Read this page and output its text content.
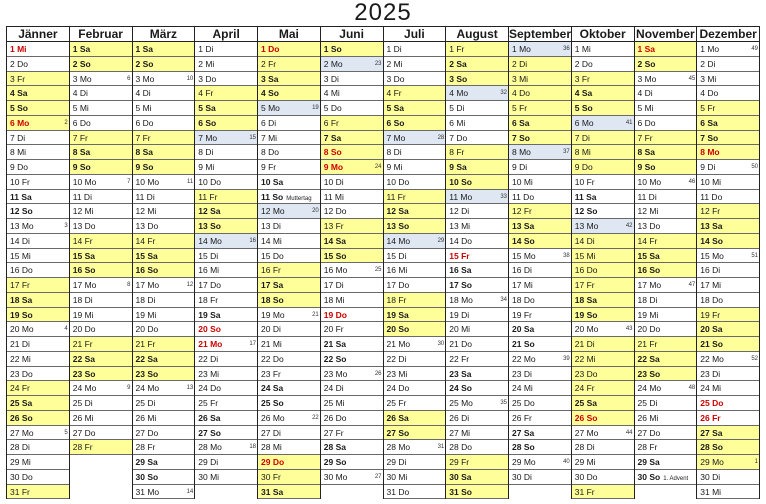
2025
Jänner
1 Mi
2 Do
3 Fr
4 Sa
5 So
6 Mo	2
7 Di
8 Mi
9 Do
10 Fr
11 Sa
12 So
13 Mo	3
14 Di
15 Mi
16 Do
17 Fr
18 Sa
19 So
20 Mo	4
21 Di
22 Mi
23 Do
24 Fr
25 Sa
26 So
27 Mo	5
28 Di
29 Mi
30 Do
31 Fr
Februar
1 Sa
2 So
3 Mo	6
4 Di
5 Mi
6 Do
7 Fr
8 Sa
9 So
10 Mo	7
11 Di
12 Mi
13 Do
14 Fr
15 Sa
16 So
17 Mo	8
18 Di
19 Mi
20 Do
21 Fr
22 Sa
23 So
24 Mo	9
25 Di
26 Mi
27 Do
28 Fr
März
1 Sa
2 So
3 Mo	10
4 Di
5 Mi
6 Do
7 Fr
8 Sa
9 So
10 Mo	11
11 Di
12 Mi
13 Do
14 Fr
15 Sa
16 So
17 Mo	12
18 Di
19 Mi
20 Do
21 Fr
22 Sa
23 So
24 Mo	13
25 Di
26 Mi
27 Do
28 Fr
29 Sa
30 So
31 Mo	14
April
1 Di
2 Mi
3 Do
4 Fr
5 Sa
6 So
7 Mo	15
8 Di
9 Mi
10 Do
11 Fr
12 Sa
13 So
14 Mo	16
15 Di
16 Mi
17 Do
18 Fr
19 Sa
20 So
21 Mo	17
22 Di
23 Mi
24 Do
25 Fr
26 Sa
27 So
28 Mo	18
29 Di
30 Mi
Mai
1 Do
2 Fr
3 Sa
4 So
5 Mo	19
6 Di
7 Mi
8 Do
9 Fr
10 Sa
11 So Muttertag
12 Mo	20
13 Di
14 Mi
15 Do
16 Fr
17 Sa
18 So
19 Mo	21
20 Di
21 Mi
22 Do
23 Fr
24 Sa
25 So
26 Mo	22
27 Di
28 Mi
29 Do
30 Fr
31 Sa
Juni
1 So
2 Mo	23
3 Di
4 Mi
5 Do
6 Fr
7 Sa
8 So
9 Mo	24
10 Di
11 Mi
12 Do
13 Fr
14 Sa
15 So
16 Mo	25
17 Di
18 Mi
19 Do
20 Fr
21 Sa
22 So
23 Mo	26
24 Di
25 Mi
26 Do
27 Fr
28 Sa
29 So
30 Mo	27
Juli
1 Di
2 Mi
3 Do
4 Fr
5 Sa
6 So
7 Mo	28
8 Di
9 Mi
10 Do
11 Fr
12 Sa
13 So
14 Mo	29
15 Di
16 Mi
17 Do
18 Fr
19 Sa
20 So
21 Mo	30
22 Di
23 Mi
24 Do
25 Fr
26 Sa
27 So
28 Mo	31
29 Di
30 Mi
31 Do
August
1 Fr
2 Sa
3 So
4 Mo	32
5 Di
6 Mi
7 Do
8 Fr
9 Sa
10 So
11 Mo	33
12 Di
13 Mi
14 Do
15 Fr
16 Sa
17 So
18 Mo	34
19 Di
20 Mi
21 Do
22 Fr
23 Sa
24 So
25 Mo	35
26 Di
27 Mi
28 Do
29 Fr
30 Sa
31 So
September
1 Mo	36
2 Di
3 Mi
4 Do
5 Fr
6 Sa
7 So
8 Mo	37
9 Di
10 Mi
11 Do
12 Fr
13 Sa
14 So
15 Mo	38
16 Di
17 Mi
18 Do
19 Fr
20 Sa
21 So
22 Mo	39
23 Di
24 Mi
25 Do
26 Fr
27 Sa
28 So
29 Mo	40
30 Di
Oktober
1 Mi
2 Do
3 Fr
4 Sa
5 So
6 Mo	41
7 Di
8 Mi
9 Do
10 Fr
11 Sa
12 So
13 Mo	42
14 Di
15 Mi
16 Do
17 Fr
18 Sa
19 So
20 Mo	43
21 Di
22 Mi
23 Do
24 Fr
25 Sa
26 So
27 Mo	44
28 Di
29 Mi
30 Do
31 Fr
November
1 Sa
2 So
3 Mo	45
4 Di
5 Mi
6 Do
7 Fr
8 Sa
9 So
10 Mo	46
11 Di
12 Mi
13 Do
14 Fr
15 Sa
16 So
17 Mo	47
18 Di
19 Mi
20 Do
21 Fr
22 Sa
23 So
24 Mo	48
25 Di
26 Mi
27 Do
28 Fr
29 Sa
30 So 1. Advent
Dezember
1 Mo	49
2 Di
3 Mi
4 Do
5 Fr
6 Sa
7 So
8 Mo
9 Di	50
10 Mi
11 Do
12 Fr
13 Sa
14 So
15 Mo	51
16 Di
17 Mi
18 Do
19 Fr
20 Sa
21 So
22 Mo	52
23 Di
24 Mi
25 Do
26 Fr
27 Sa
28 So
29 Mo	1
30 Di
31 Mi
